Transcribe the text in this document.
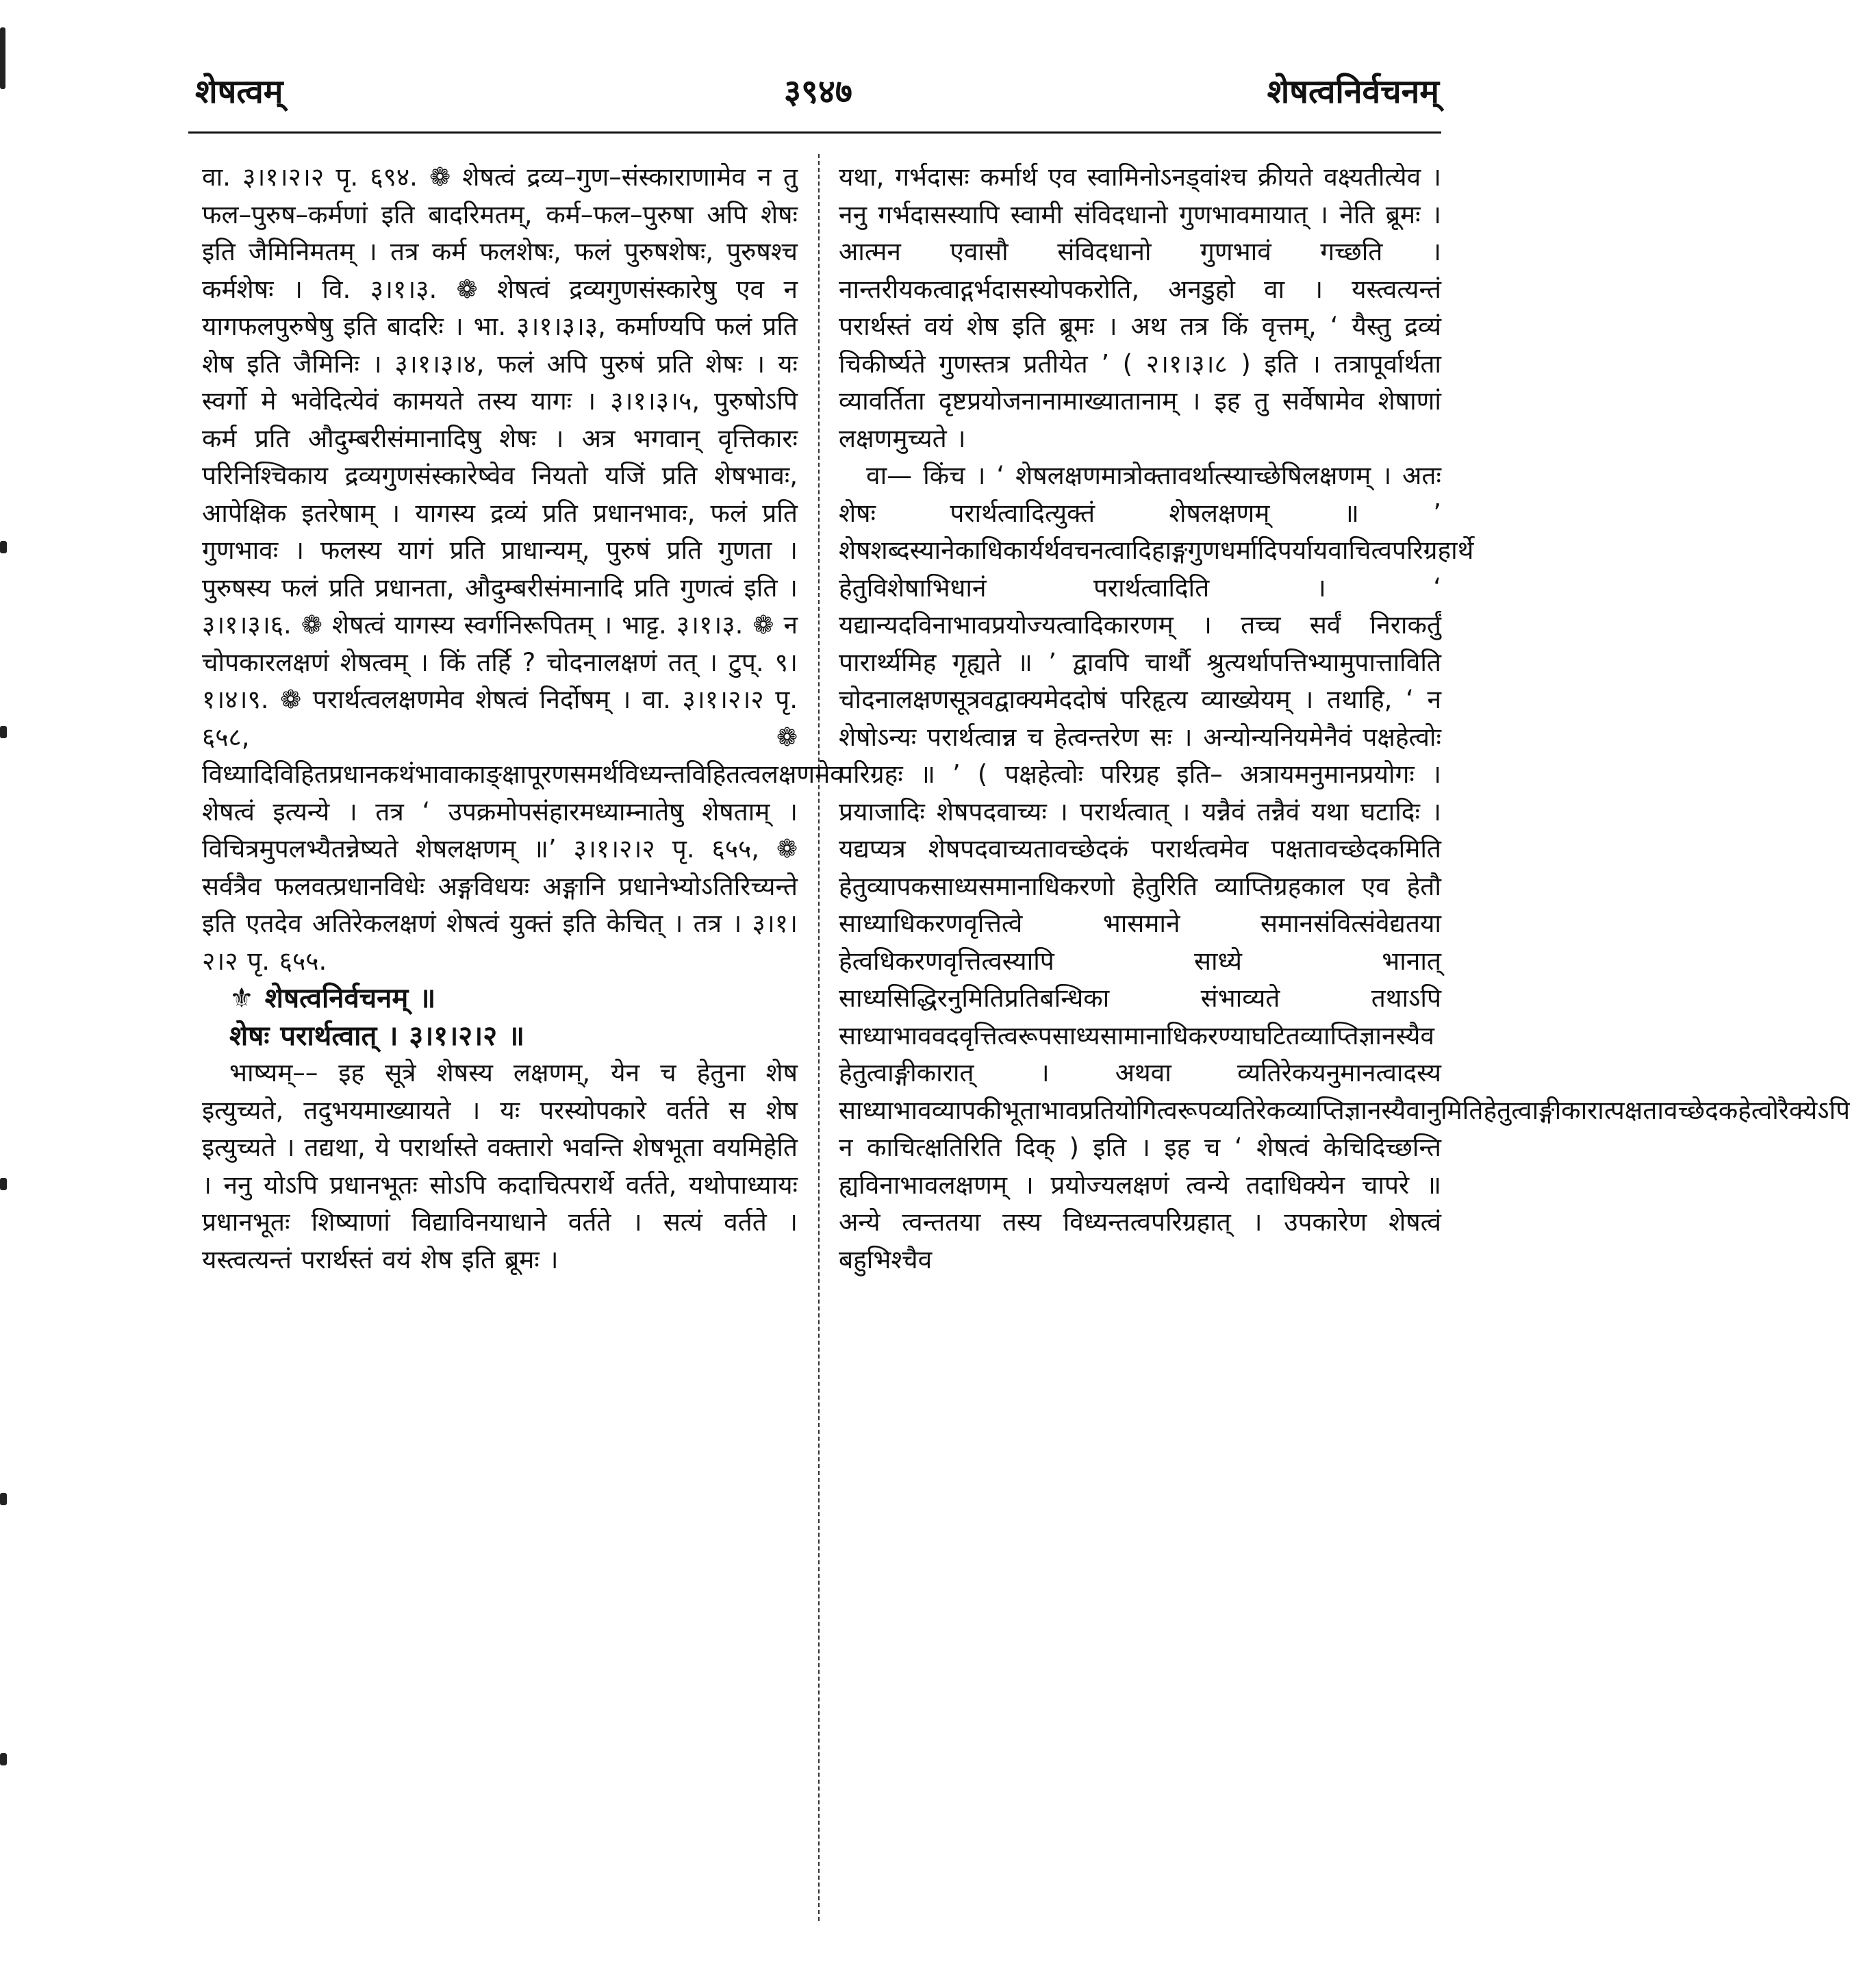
शेषत्वम्	३९४७	शेषत्वनिर्वचनम्

वा. ३।१।२।२ पृ. ६९४. ❁ शेषत्वं द्रव्य–गुण–संस्काराणामेव न तु फल–पुरुष–कर्मणां इति बादरिमतम्, कर्म–फल–पुरुषा अपि शेषः इति जैमिनिमतम् । तत्र कर्म फलशेषः, फलं पुरुषशेषः, पुरुषश्च कर्मशेषः । वि. ३।१।३. ❁ शेषत्वं द्रव्यगुणसंस्कारेषु एव न यागफलपुरुषेषु इति बादरिः । भा. ३।१।३।३, कर्माण्यपि फलं प्रति शेष इति जैमिनिः । ३।१।३।४, फलं अपि पुरुषं प्रति शेषः । यः स्वर्गो मे भवेदित्येवं कामयते तस्य यागः । ३।१।३।५, पुरुषोऽपि कर्म प्रति औदुम्बरीसंमानादिषु शेषः । अत्र भगवान् वृत्तिकारः परिनिश्चिकाय द्रव्यगुणसंस्कारेष्वेव नियतो यजिं प्रति शेषभावः, आपेक्षिक इतरेषाम् । यागस्य द्रव्यं प्रति प्रधानभावः, फलं प्रति गुणभावः । फलस्य यागं प्रति प्राधान्यम्, पुरुषं प्रति गुणता । पुरुषस्य फलं प्रति प्रधानता, औदुम्बरीसंमानादि प्रति गुणत्वं इति । ३।१।३।६. ❁ शेषत्वं यागस्य स्वर्गनिरूपितम् । भाट्ट. ३।१।३. ❁ न चोपकारलक्षणं शेषत्वम् । किं तर्हि ? चोदनालक्षणं तत् । टुप्. ९।१।४।९. ❁ परार्थत्वलक्षणमेव शेषत्वं निर्दोषम् । वा. ३।१।२।२ पृ. ६५८, ❁ विध्यादिविहितप्रधानकथंभावाकाङ्क्षापूरणसमर्थविध्यन्तविहितत्वलक्षणमेव शेषत्वं इत्यन्ये । तत्र ‘ उपक्रमोपसंहारमध्याम्नातेषु शेषताम् । विचित्रमुपलभ्यैतन्नेष्यते शेषलक्षणम् ॥’ ३।१।२।२ पृ. ६५५, ❁ सर्वत्रैव फलवत्प्रधानविधेः अङ्गविधयः अङ्गानि प्रधानेभ्योऽतिरिच्यन्ते इति एतदेव अतिरेकलक्षणं शेषत्वं युक्तं इति केचित् । तत्र । ३।१।२।२ पृ. ६५५.

⚜ शेषत्वनिर्वचनम् ॥

शेषः परार्थत्वात् । ३।१।२।२ ॥

भाष्यम्–– इह सूत्रे शेषस्य लक्षणम्, येन च हेतुना शेष इत्युच्यते, तदुभयमाख्यायते । यः परस्योपकारे वर्तते स शेष इत्युच्यते । तद्यथा, ये परार्थास्ते वक्तारो भवन्ति शेषभूता वयमिहेति । ननु योऽपि प्रधानभूतः सोऽपि कदाचित्परार्थे वर्तते, यथोपाध्यायः प्रधानभूतः शिष्याणां विद्याविनयाधाने वर्तते । सत्यं वर्तते । यस्त्वत्यन्तं परार्थस्तं वयं शेष इति ब्रूमः ।

यथा, गर्भदासः कर्मार्थ एव स्वामिनोऽनड्वांश्च क्रीयते वक्ष्यतीत्येव । ननु गर्भदासस्यापि स्वामी संविदधानो गुणभावमायात् । नेति ब्रूमः । आत्मन एवासौ संविदधानो गुणभावं गच्छति । नान्तरीयकत्वाद्गर्भदासस्योपकरोति, अनडुहो वा । यस्त्वत्यन्तं परार्थस्तं वयं शेष इति ब्रूमः । अथ तत्र किं वृत्तम्, ‘ यैस्तु द्रव्यं चिकीर्ष्यते गुणस्तत्र प्रतीयेत ’ ( २।१।३।८ ) इति । तत्रापूर्वार्थता व्यावर्तिता दृष्टप्रयोजनानामाख्यातानाम् । इह तु सर्वेषामेव शेषाणां लक्षणमुच्यते ।

वा— किंच । ‘ शेषलक्षणमात्रोक्तावर्थात्स्याच्छेषिलक्षणम् । अतः शेषः परार्थत्वादित्युक्तं शेषलक्षणम् ॥ ’ शेषशब्दस्यानेकाधिकार्यर्थवचनत्वादिहाङ्गगुणधर्मादिपर्यायवाचित्वपरिग्रहार्थे हेतुविशेषाभिधानं परार्थत्वादिति । ‘ यद्यान्यदविनाभावप्रयोज्यत्वादिकारणम् । तच्च सर्वं निराकर्तुं पारार्थ्यमिह गृह्यते ॥ ’ द्वावपि चार्थौ श्रुत्यर्थापत्तिभ्यामुपात्ताविति चोदनालक्षणसूत्रवद्वाक्यमेददोषं परिहृत्य व्याख्येयम् । तथाहि, ‘ न शेषोऽन्यः परार्थत्वान्न च हेत्वन्तरेण सः । अन्योन्यनियमेनैवं पक्षहेत्वोः परिग्रहः ॥ ’ ( पक्षहेत्वोः परिग्रह इति– अत्रायमनुमानप्रयोगः । प्रयाजादिः शेषपदवाच्यः । परार्थत्वात् । यन्नैवं तन्नैवं यथा घटादिः । यद्यप्यत्र शेषपदवाच्यतावच्छेदकं परार्थत्वमेव पक्षतावच्छेदकमिति हेतुव्यापकसाध्यसमानाधिकरणो हेतुरिति व्याप्तिग्रहकाल एव हेतौ साध्याधिकरणवृत्तित्वे भासमाने समानसंवित्संवेद्यतया हेत्वधिकरणवृत्तित्वस्यापि साध्ये भानात् साध्यसिद्धिरनुमितिप्रतिबन्धिका संभाव्यते तथाऽपि साध्याभाववदवृत्तित्वरूपसाध्यसामानाधिकरण्याघटितव्याप्तिज्ञानस्यैव हेतुत्वाङ्गीकारात् । अथवा व्यतिरेकयनुमानत्वादस्य साध्याभावव्यापकीभूताभावप्रतियोगित्वरूपव्यतिरेकव्याप्तिज्ञानस्यैवानुमितिहेतुत्वाङ्गीकारात्पक्षतावच्छेदकहेत्वोरैक्येऽपि न काचित्क्षतिरिति दिक् ) इति । इह च ‘ शेषत्वं केचिदिच्छन्ति ह्यविनाभावलक्षणम् । प्रयोज्यलक्षणं त्वन्ये तदाधिक्येन चापरे ॥ अन्ये त्वन्ततया तस्य विध्यन्तत्वपरिग्रहात् । उपकारेण शेषत्वं बहुभिश्चैव
